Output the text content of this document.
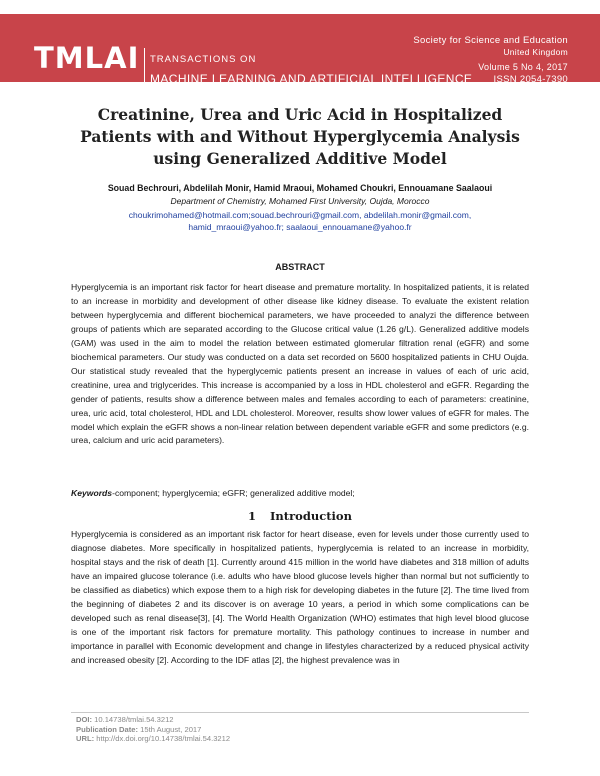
TMLAI TRANSACTIONS ON
MACHINE LEARNING AND ARTIFICIAL INTELLIGENCE
Society for Science and Education
United Kingdom
Volume 5 No 4, 2017
ISSN 2054-7390
Creatinine, Urea and Uric Acid in Hospitalized Patients with and Without Hyperglycemia Analysis using Generalized Additive Model
Souad Bechrouri, Abdelilah Monir, Hamid Mraoui, Mohamed Choukri, Ennouamane Saalaoui
Department of Chemistry, Mohamed First University, Oujda, Morocco
choukrimohamed@hotmail.com;souad.bechrouri@gmail.com, abdelilah.monir@gmail.com,
hamid_mraoui@yahoo.fr; saalaoui_ennouamane@yahoo.fr
ABSTRACT
Hyperglycemia is an important risk factor for heart disease and premature mortality. In hospitalized patients, it is related to an increase in morbidity and development of other disease like kidney disease. To evaluate the existent relation between hyperglycemia and different biochemical parameters, we have proceeded to analyzi the difference between groups of patients which are separated according to the Glucose critical value (1.26 g/L). Generalized additive models (GAM) was used in the aim to model the relation between estimated glomerular filtration renal (eGFR) and some biochemical parameters. Our study was conducted on a data set recorded on 5600 hospitalized patients in CHU Oujda. Our statistical study revealed that the hyperglycemic patients present an increase in values of each of uric acid, creatinine, urea and triglycerides. This increase is accompanied by a loss in HDL cholesterol and eGFR. Regarding the gender of patients, results show a difference between males and females according to each of parameters: creatinine, urea, uric acid, total cholesterol, HDL and LDL cholesterol. Moreover, results show lower values of eGFR for males. The model which explain the eGFR shows a non-linear relation between dependent variable eGFR and some predictors (e.g. urea, calcium and uric acid parameters).
Keywords-component; hyperglycemia; eGFR; generalized additive model;
1 Introduction
Hyperglycemia is considered as an important risk factor for heart disease, even for levels under those currently used to diagnose diabetes. More specifically in hospitalized patients, hyperglycemia is related to an increase in morbidity, hospital stays and the risk of death [1]. Currently around 415 million in the world have diabetes and 318 million of adults have an impaired glucose tolerance (i.e. adults who have blood glucose levels higher than normal but not sufficiently to be classified as diabetics) which expose them to a high risk for developing diabetes in the future [2]. The time lived from the beginning of diabetes 2 and its discover is on average 10 years, a period in which some complications can be developed such as renal disease[3], [4]. The World Health Organization (WHO) estimates that high level blood glucose is one of the important risk factors for premature mortality. This pathology continues to increase in number and importance in parallel with Economic development and change in lifestyles characterized by a reduced physical activity and increased obesity [2]. According to the IDF atlas [2], the highest prevalence was in
DOI: 10.14738/tmlai.54.3212
Publication Date: 15th August, 2017
URL: http://dx.doi.org/10.14738/tmlai.54.3212
